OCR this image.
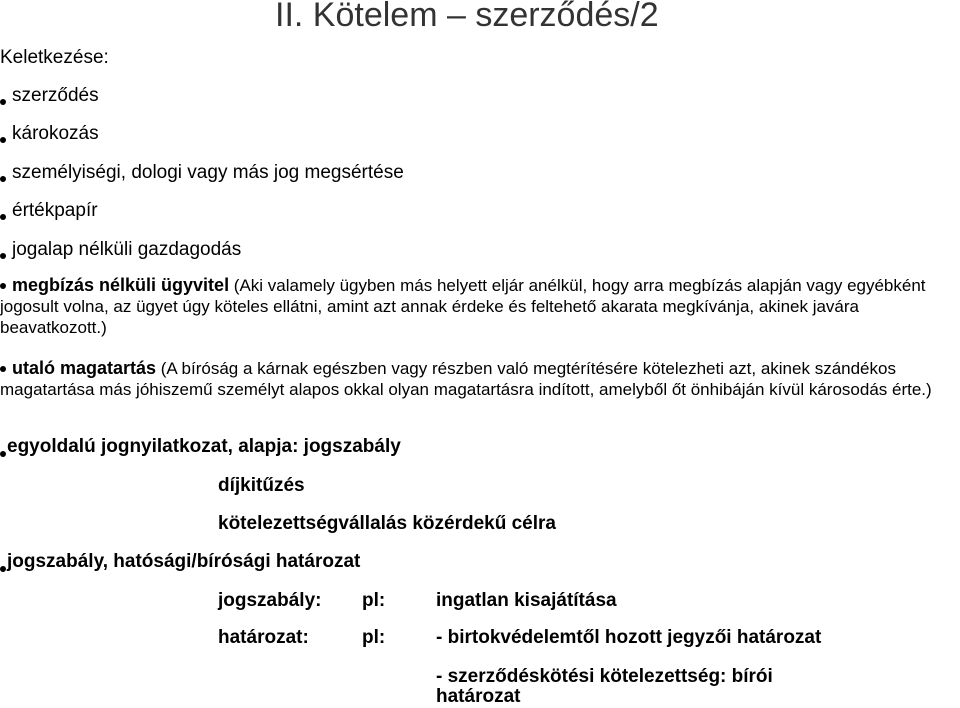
II. Kötelem – szerződés/2
Keletkezése:
szerződés
károkozás
személyiségi, dologi vagy más jog megsértése
értékpapír
jogalap nélküli gazdagodás
megbízás nélküli ügyvitel (Aki valamely ügyben más helyett eljár anélkül, hogy arra megbízás alapján vagy egyébként jogosult volna, az ügyet úgy köteles ellátni, amint azt annak érdeke és feltehető akarata megkívánja, akinek javára beavatkozott.)
utaló magatartás (A bíróság a kárnak egészben vagy részben való megtérítésére kötelezheti azt, akinek szándékos magatartása más jóhiszemű személyt alapos okkal olyan magatartásra indított, amelyből őt önhibáján kívül károsodás érte.)
egyoldalú jognyilatkozat, alapja: jogszabály
díjkitűzés
kötelezettségvállalás közérdekű célra
jogszabály, hatósági/bírósági határozat
jogszabály: pl:	ingatlan kisajátítása
határozat:	pl:	- birtokvédelemtől hozott jegyzői határozat
- szerződéskötési kötelezettség: bírói
határozat
